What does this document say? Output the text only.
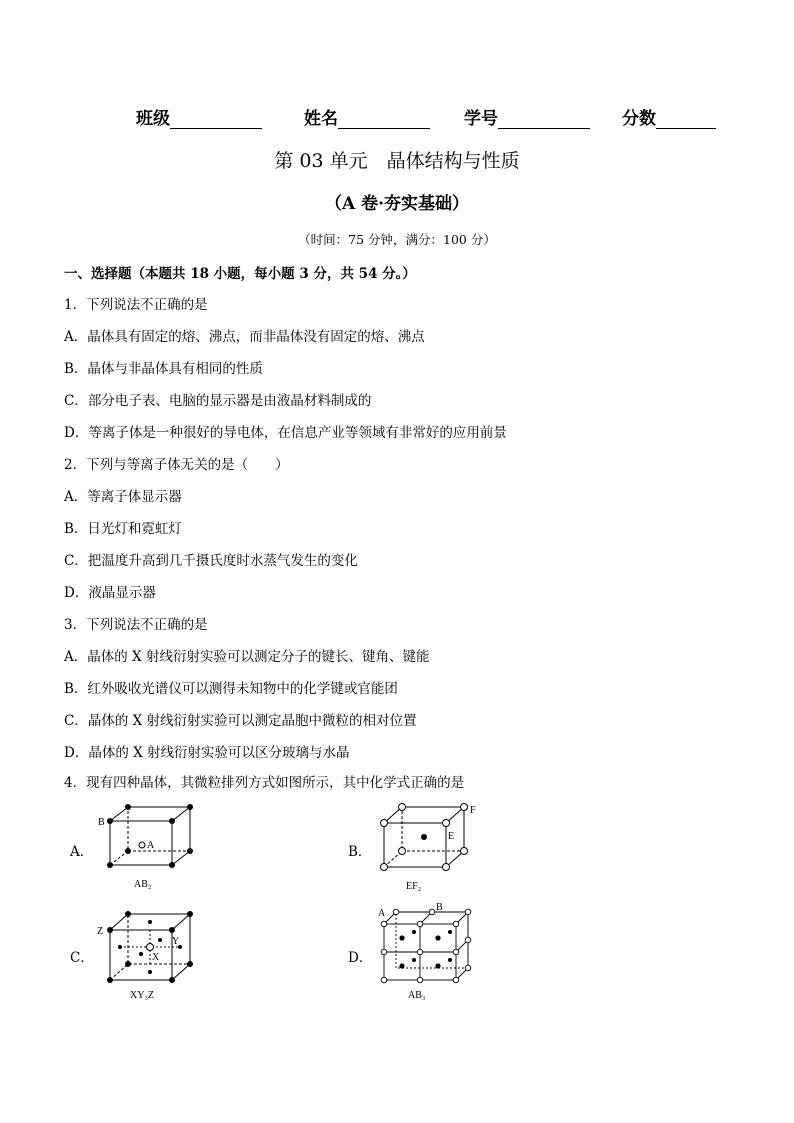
班级	姓名	学号	分数
第 03 单元　晶体结构与性质
（A 卷·夯实基础）
（时间：75 分钟，满分：100 分）
一、选择题（本题共 18 小题，每小题 3 分，共 54 分。）
1．下列说法不正确的是
A．晶体具有固定的熔、沸点，而非晶体没有固定的熔、沸点
B．晶体与非晶体具有相同的性质
C．部分电子表、电脑的显示器是由液晶材料制成的
D．等离子体是一种很好的导电体，在信息产业等领域有非常好的应用前景
2．下列与等离子体无关的是（　　）
A．等离子体显示器
B．日光灯和霓虹灯
C．把温度升高到几千摄氏度时水蒸气发生的变化
D．液晶显示器
3．下列说法不正确的是
A．晶体的 X 射线衍射实验可以测定分子的键长、键角、键能
B．红外吸收光谱仪可以测得未知物中的化学键或官能团
C．晶体的 X 射线衍射实验可以测定晶胞中微粒的相对位置
D．晶体的 X 射线衍射实验可以区分玻璃与水晶
4．现有四种晶体，其微粒排列方式如图所示，其中化学式正确的是
A．
B
A
AB₂
B．
F
E
EF₂
C．
Z
Y
X
XY₃Z
D．
A
B
AB₃
